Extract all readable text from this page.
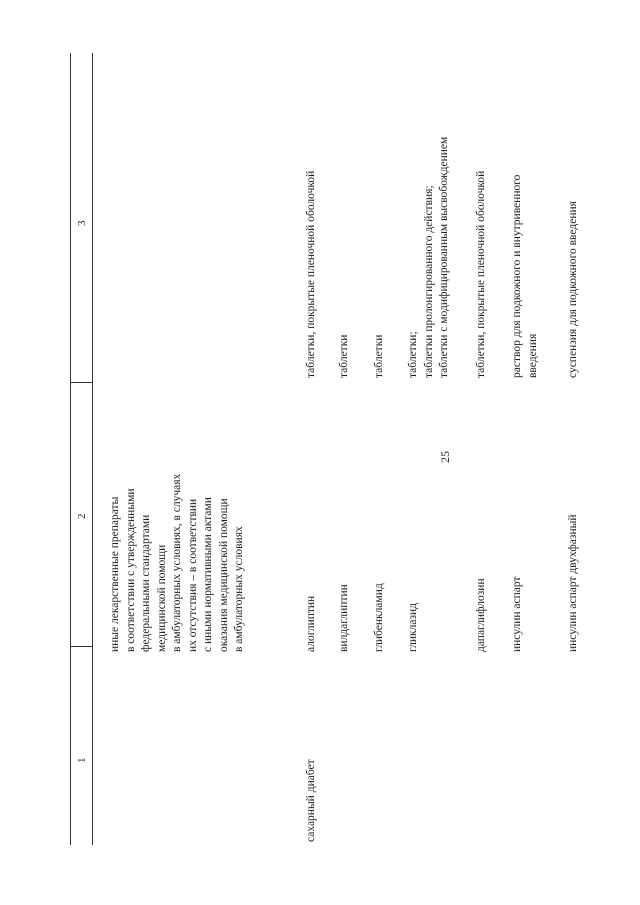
25
1
2
3
иные лекарственные препараты в соответствии с утвержденными федеральными стандартами медицинской помощи в амбулаторных условиях, в случаях их отсутствия – в соответствии с иными нормативными актами оказания медицинской помощи в амбулаторных условиях
сахарный диабет
алоглиптин
таблетки, покрытые пленочной оболочкой
вилдаглиптин
таблетки
глибенкламид
таблетки
гликлазид
таблетки; таблетки пролонгированного действия; таблетки с модифицированным высвобождением
дапаглифлозин
таблетки, покрытые пленочной оболочкой
инсулин аспарт
раствор для подкожного и внутривенного введения
инсулин аспарт двухфазный
суспензия для подкожного введения
